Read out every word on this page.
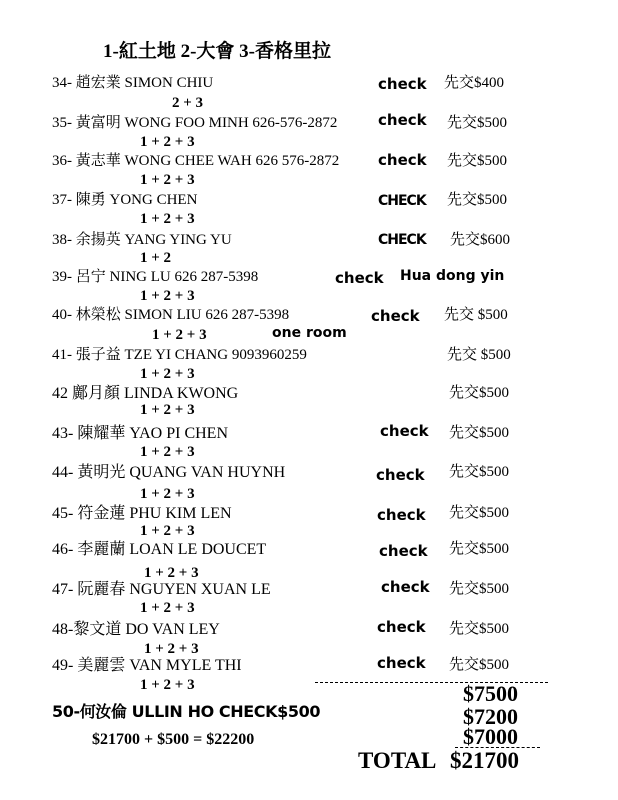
1-紅土地 2-大會 3-香格里拉
34- 趙宏業 SIMON CHIU	check 先交$400
2 + 3
35- 黃富明 WONG FOO MINH 626-576-2872	check 先交$500
1 + 2 + 3
36- 黃志華 WONG CHEE WAH 626 576-2872	check 先交$500
1 + 2 + 3
37- 陳勇 YONG CHEN	CHECK 先交$500
1 + 2 + 3
38- 余揚英 YANG YING YU	CHECK 先交$600
1 + 2
39- 呂宁 NING LU 626 287-5398	check Hua dong yin
1 + 2 + 3
40- 林榮松 SIMON LIU 626 287-5398	check 先交 $500
1 + 2 + 3	one room
41- 張子益 TZE YI CHANG 9093960259	先交 $500
1 + 2 + 3
42 鄺月顏 LINDA KWONG	先交$500
1 + 2 + 3
43- 陳耀華 YAO PI CHEN	check 先交$500
1 + 2 + 3
44- 黃明光 QUANG VAN HUYNH	check 先交$500
1 + 2 + 3
45- 符金蓮 PHU KIM LEN	check 先交$500
1 + 2 + 3
46- 李麗蘭 LOAN LE DOUCET	check 先交$500
1 + 2 + 3
47- 阮麗春 NGUYEN XUAN LE	check 先交$500
1 + 2 + 3
48-黎文道 DO VAN LEY	check 先交$500
1 + 2 + 3
49- 美麗雲 VAN MYLE THI	check 先交$500
1 + 2 + 3	$7500
$7200
$7000
50-何汝倫 ULLIN HO CHECK$500
$21700 + $500 = $22200
TOTAL $21700
